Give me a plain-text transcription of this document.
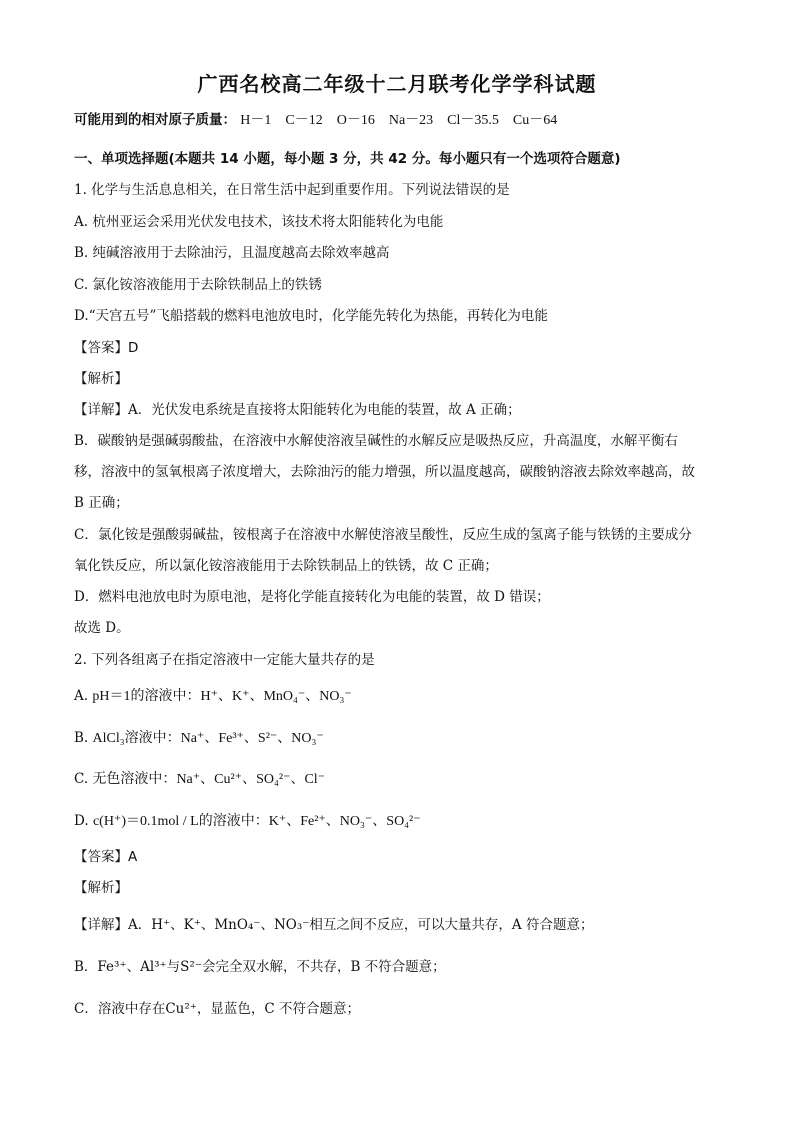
广西名校高二年级十二月联考化学学科试题
可能用到的相对原子质量： H－1　C－12　O－16　Na－23　Cl－35.5　Cu－64
一、单项选择题(本题共 14 小题，每小题 3 分，共 42 分。每小题只有一个选项符合题意)
1. 化学与生活息息相关，在日常生活中起到重要作用。下列说法错误的是
A. 杭州亚运会采用光伏发电技术，该技术将太阳能转化为电能
B. 纯碱溶液用于去除油污，且温度越高去除效率越高
C. 氯化铵溶液能用于去除铁制品上的铁锈
D.“天宫五号”飞船搭载的燃料电池放电时，化学能先转化为热能，再转化为电能
【答案】D
【解析】
【详解】A．光伏发电系统是直接将太阳能转化为电能的装置，故 A 正确；
B．碳酸钠是强碱弱酸盐，在溶液中水解使溶液呈碱性的水解反应是吸热反应，升高温度，水解平衡右
移，溶液中的氢氧根离子浓度增大，去除油污的能力增强，所以温度越高，碳酸钠溶液去除效率越高，故
B 正确；
C．氯化铵是强酸弱碱盐，铵根离子在溶液中水解使溶液呈酸性，反应生成的氢离子能与铁锈的主要成分
氧化铁反应，所以氯化铵溶液能用于去除铁制品上的铁锈，故 C 正确；
D．燃料电池放电时为原电池，是将化学能直接转化为电能的装置，故 D 错误；
故选 D。
2. 下列各组离子在指定溶液中一定能大量共存的是
A. pH＝1的溶液中：H⁺、K⁺、MnO₄⁻、NO₃⁻
B. AlCl₃溶液中：Na⁺、Fe³⁺、S²⁻、NO₃⁻
C. 无色溶液中：Na⁺、Cu²⁺、SO₄²⁻、Cl⁻
D. c(H⁺)＝0.1mol / L的溶液中：K⁺、Fe²⁺、NO₃⁻、SO₄²⁻
【答案】A
【解析】
【详解】A．H⁺、K⁺、MnO₄⁻、NO₃⁻相互之间不反应，可以大量共存，A 符合题意；
B．Fe³⁺、Al³⁺与S²⁻会完全双水解，不共存，B 不符合题意；
C．溶液中存在Cu²⁺，显蓝色，C 不符合题意；
